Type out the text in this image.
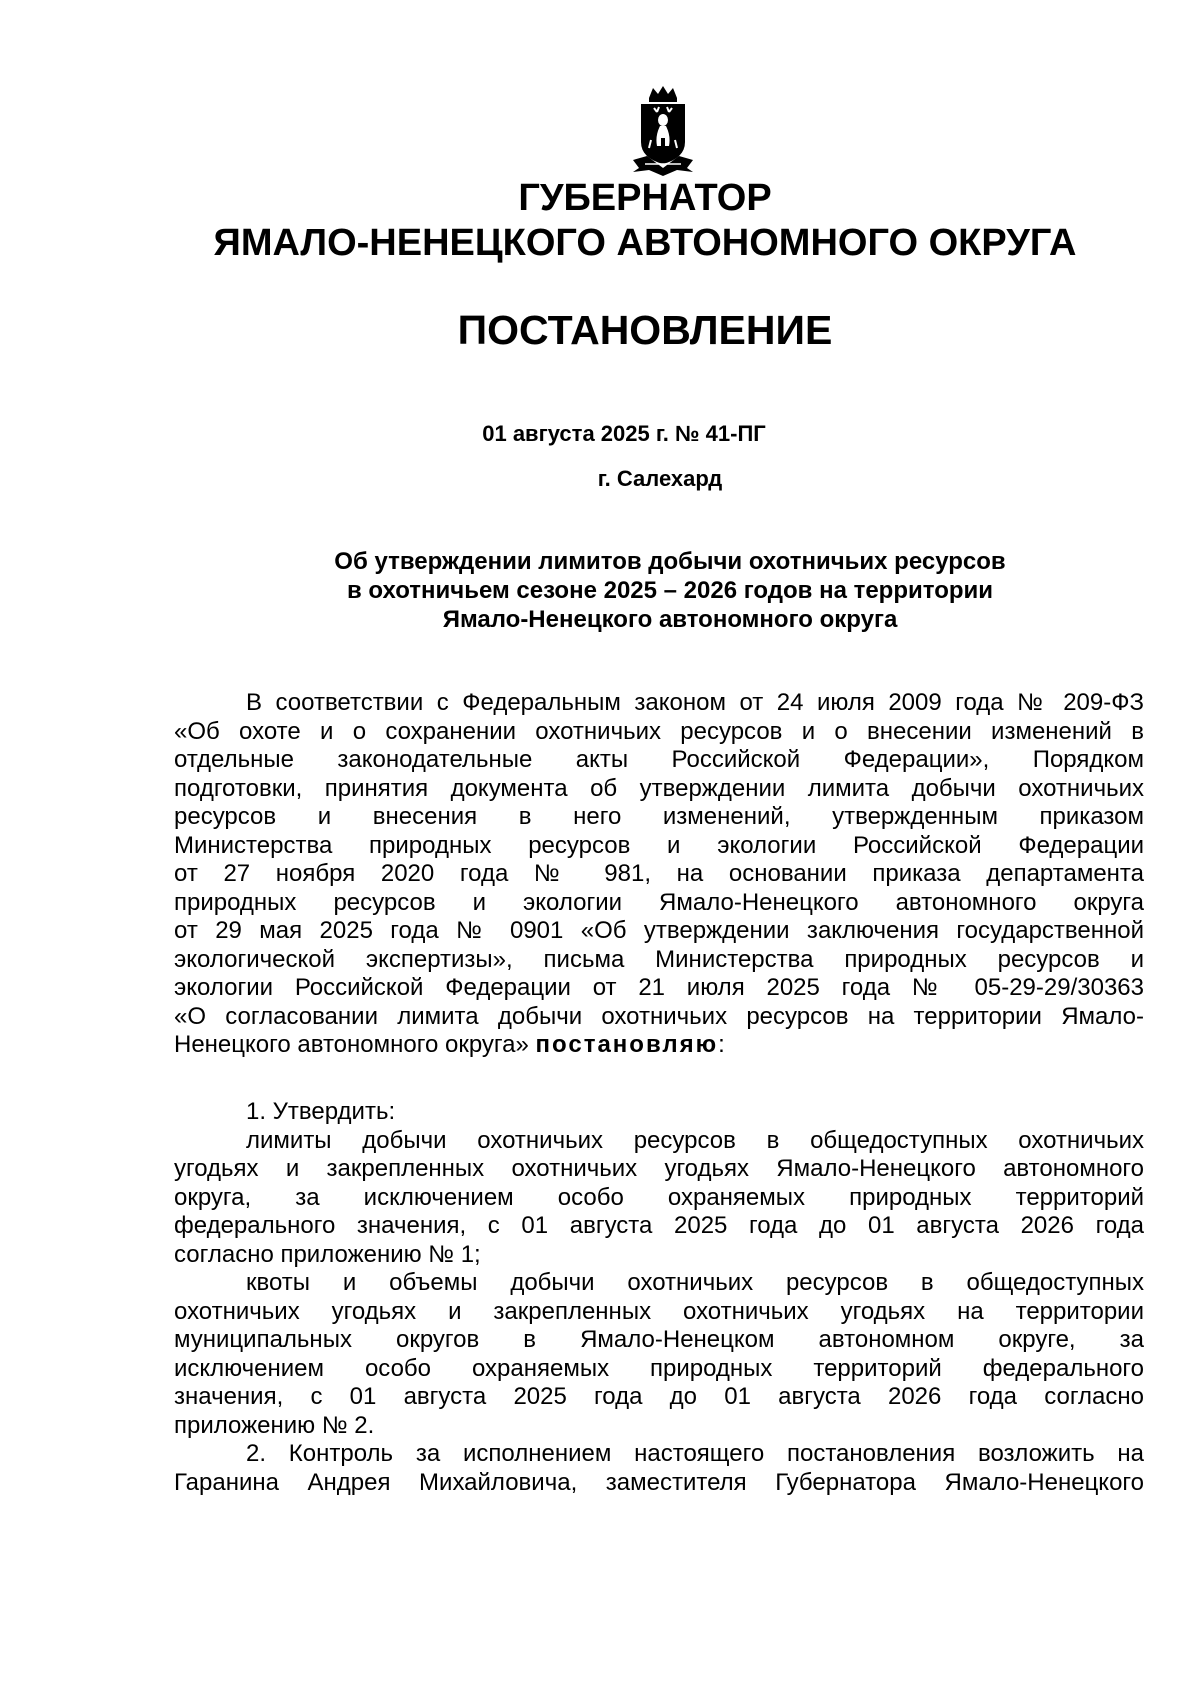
ГУБЕРНАТОР
ЯМАЛО-НЕНЕЦКОГО АВТОНОМНОГО ОКРУГА
ПОСТАНОВЛЕНИЕ
01 августа 2025 г. № 41-ПГ
г. Салехард
Об утверждении лимитов добычи охотничьих ресурсов
в охотничьем сезоне 2025 – 2026 годов на территории
Ямало-Ненецкого автономного округа
В соответствии с Федеральным законом от 24 июля 2009 года № 209-ФЗ
«Об охоте и о сохранении охотничьих ресурсов и о внесении изменений в
отдельные законодательные акты Российской Федерации», Порядком
подготовки, принятия документа об утверждении лимита добычи охотничьих
ресурсов и внесения в него изменений, утвержденным приказом
Министерства природных ресурсов и экологии Российской Федерации
от 27 ноября 2020 года № 981, на основании приказа департамента
природных ресурсов и экологии Ямало-Ненецкого автономного округа
от 29 мая 2025 года № 0901 «Об утверждении заключения государственной
экологической экспертизы», письма Министерства природных ресурсов и
экологии Российской Федерации от 21 июля 2025 года № 05-29-29/30363
«О согласовании лимита добычи охотничьих ресурсов на территории Ямало-
Ненецкого автономного округа» постановляю:
1. Утвердить:
лимиты добычи охотничьих ресурсов в общедоступных охотничьих
угодьях и закрепленных охотничьих угодьях Ямало-Ненецкого автономного
округа, за исключением особо охраняемых природных территорий
федерального значения, с 01 августа 2025 года до 01 августа 2026 года
согласно приложению № 1;
квоты и объемы добычи охотничьих ресурсов в общедоступных
охотничьих угодьях и закрепленных охотничьих угодьях на территории
муниципальных округов в Ямало-Ненецком автономном округе, за
исключением особо охраняемых природных территорий федерального
значения, с 01 августа 2025 года до 01 августа 2026 года согласно
приложению № 2.
2. Контроль за исполнением настоящего постановления возложить на
Гаранина Андрея Михайловича, заместителя Губернатора Ямало-Ненецкого
